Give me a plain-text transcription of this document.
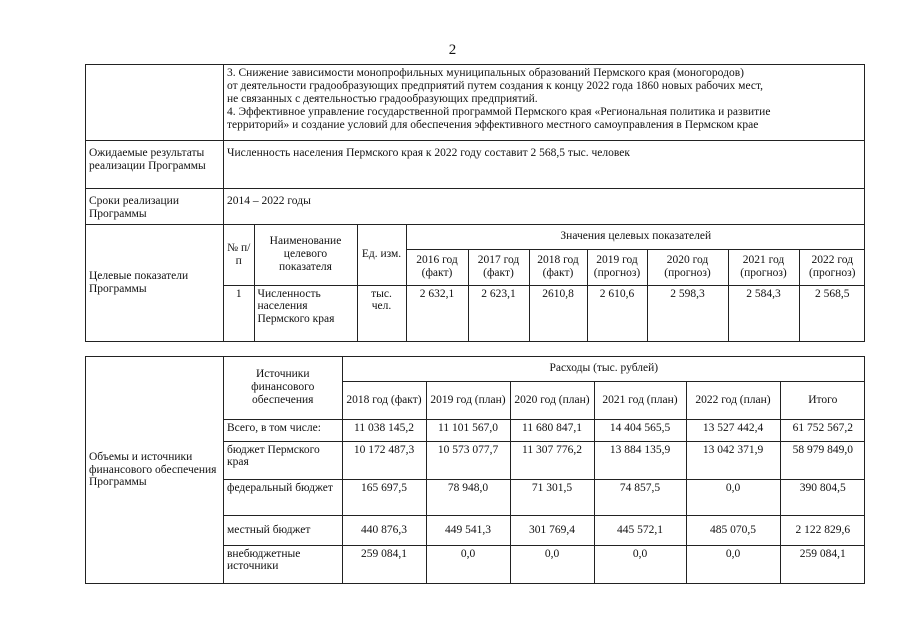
2

3. Снижение зависимости монопрофильных муниципальных образований Пермского края (моногородов)
от деятельности градообразующих предприятий путем создания к концу 2022 года 1860 новых рабочих мест,
не связанных с деятельностью градообразующих предприятий.
4. Эффективное управление государственной программой Пермского края «Региональная политика и развитие
территорий» и создание условий для обеспечения эффективного местного самоуправления в Пермском крае

Ожидаемые результаты реализации Программы	Численность населения Пермского края к 2022 году составит 2 568,5 тыс. человек
Сроки реализации Программы	2014 – 2022 годы
Целевые показатели Программы	
№ п/п	Наименование целевого показателя	Ед. изм.	Значения целевых показателей
2016 год (факт)	2017 год (факт)	2018 год (факт)	2019 год (прогноз)	2020 год (прогноз)	2021 год (прогноз)	2022 год (прогноз)
1	Численность населения Пермского края	тыс. чел.	2 632,1	2 623,1	2610,8	2 610,6	2 598,3	2 584,3	2 568,5
Объемы и источники финансового обеспечения Программы	
Источники финансового обеспечения	Расходы (тыс. рублей)
2018 год (факт)	2019 год (план)	2020 год (план)	2021 год (план)	2022 год (план)	Итого
Всего, в том числе:	11 038 145,2	11 101 567,0	11 680 847,1	14 404 565,5	13 527 442,4	61 752 567,2
бюджет Пермского края	10 172 487,3	10 573 077,7	11 307 776,2	13 884 135,9	13 042 371,9	58 979 849,0
федеральный бюджет	165 697,5	78 948,0	71 301,5	74 857,5	0,0	390 804,5
местный бюджет	440 876,3	449 541,3	301 769,4	445 572,1	485 070,5	2 122 829,6
внебюджетные источники	259 084,1	0,0	0,0	0,0	0,0	259 084,1
